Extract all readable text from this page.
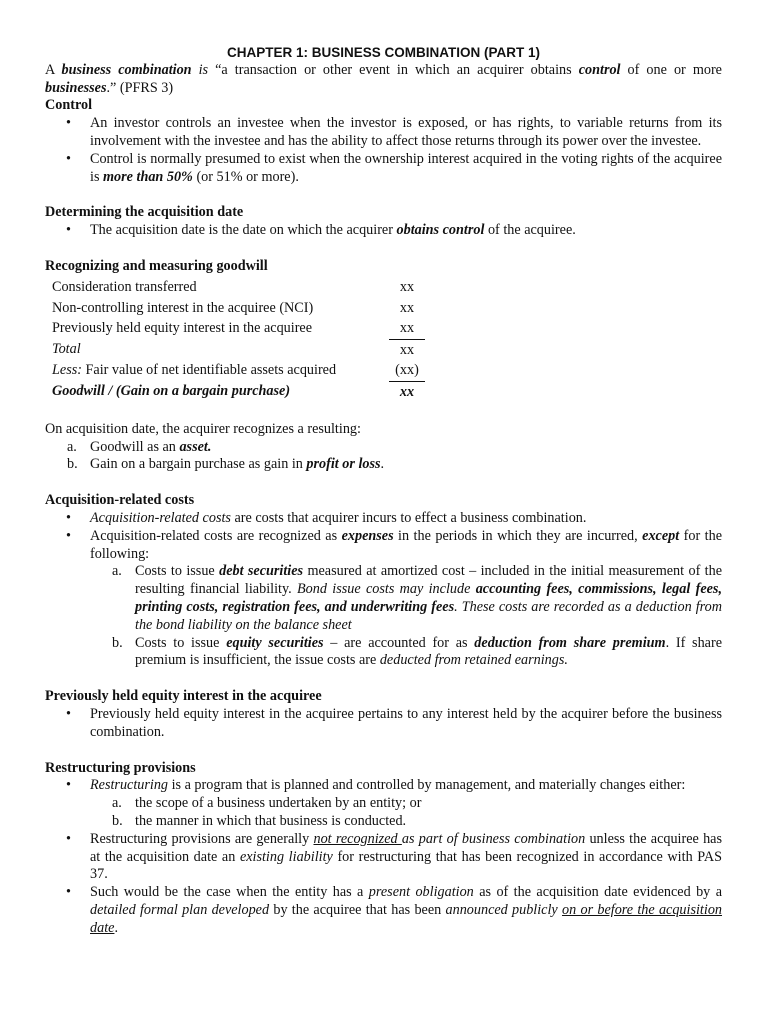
CHAPTER 1: BUSINESS COMBINATION (PART 1)

A business combination is “a transaction or other event in which an acquirer obtains control of one or more businesses.” (PFRS 3)

Control
• An investor controls an investee when the investor is exposed, or has rights, to variable returns from its involvement with the investee and has the ability to affect those returns through its power over the investee.
• Control is normally presumed to exist when the ownership interest acquired in the voting rights of the acquiree is more than 50% (or 51% or more).
Determining the acquisition date
• The acquisition date is the date on which the acquirer obtains control of the acquiree.
Recognizing and measuring goodwill
Consideration transferred	xx
Non-controlling interest in the acquiree (NCI)	xx
Previously held equity interest in the acquiree	xx
Total	xx
Less: Fair value of net identifiable assets acquired	(xx)
Goodwill / (Gain on a bargain purchase)	xx

On acquisition date, the acquirer recognizes a resulting:

a. Goodwill as an asset.
b. Gain on a bargain purchase as gain in profit or loss.
Acquisition-related costs
• Acquisition-related costs are costs that acquirer incurs to effect a business combination.
• Acquisition-related costs are recognized as expenses in the periods in which they are incurred, except for the following:
a. Costs to issue debt securities measured at amortized cost – included in the initial measurement of the resulting financial liability. Bond issue costs may include accounting fees, commissions, legal fees, printing costs, registration fees, and underwriting fees. These costs are recorded as a deduction from the bond liability on the balance sheet
b. Costs to issue equity securities – are accounted for as deduction from share premium. If share premium is insufficient, the issue costs are deducted from retained earnings.
Previously held equity interest in the acquiree
• Previously held equity interest in the acquiree pertains to any interest held by the acquirer before the business combination.
Restructuring provisions
• Restructuring is a program that is planned and controlled by management, and materially changes either:
a. the scope of a business undertaken by an entity; or
b. the manner in which that business is conducted.
• Restructuring provisions are generally not recognized as part of business combination unless the acquiree has at the acquisition date an existing liability for restructuring that has been recognized in accordance with PAS 37.
• Such would be the case when the entity has a present obligation as of the acquisition date evidenced by a detailed formal plan developed by the acquiree that has been announced publicly on or before the acquisition date.
